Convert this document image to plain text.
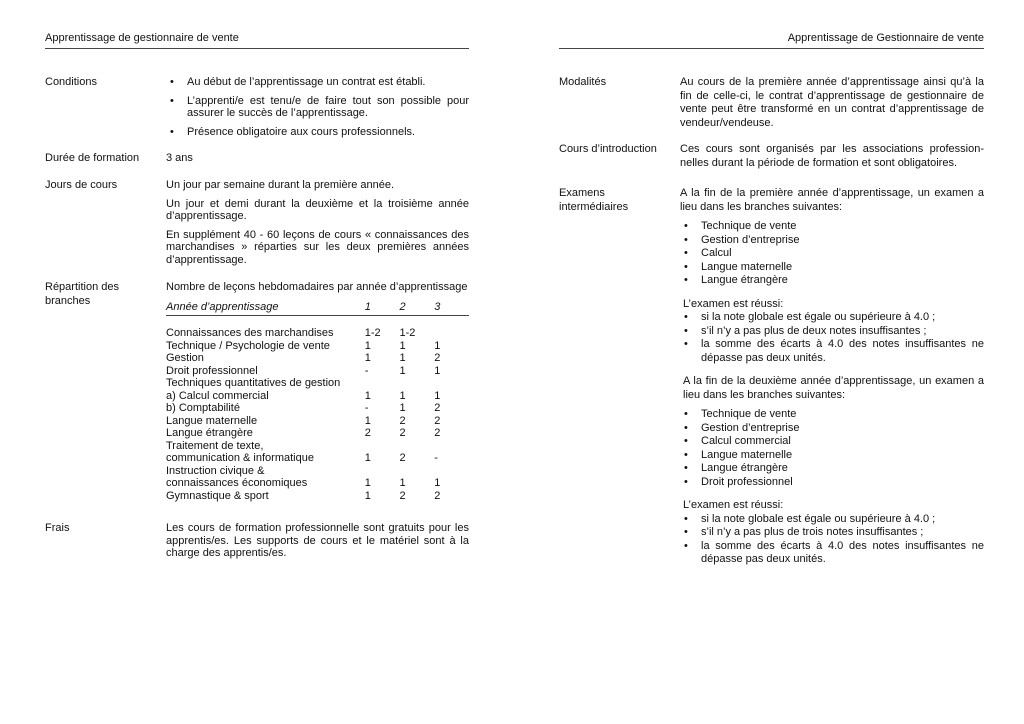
Apprentissage de gestionnaire de vente
Conditions
•	Au début de l’apprentissage un contrat est établi.
• L’apprenti/e est tenu/e de faire tout son possible pour assurer le succès de l’apprentissage.
• Présence obligatoire aux cours professionnels.
Durée de formation	3 ans
Jours de cours	Un jour par semaine durant la première année.

Un jour et demi durant la deuxième et la troisième année d’apprentissage.

En supplément 40 - 60 leçons de cours « connaissances des marchandises » réparties sur les deux premières années d’apprentissage.

Répartition des branches
Nombre de leçons hebdomadaires par année d’apprentissage
Année d’apprentissage	1	2	3
Connaissances des marchandises	1-2	1-2
Technique / Psychologie de vente	1	1	1
Gestion	1	1	2
Droit professionnel	-	1	1
Techniques quantitatives de gestion
a) Calcul commercial	1	1	1
b) Comptabilité	-	1	2
Langue maternelle	1	2	2
Langue étrangère	2	2	2
Traitement de texte,
communication & informatique	1	2	-
Instruction civique &
connaissances économiques	1	1	1
Gymnastique & sport	1	2	2
Frais	Les cours de formation professionnelle sont gratuits pour les apprentis/es. Les supports de cours et le matériel sont à la charge des apprentis/es.
Apprentissage de Gestionnaire de vente
Modalités	Au cours de la première année d’apprentissage ainsi qu’à la fin de celle-ci, le contrat d’apprentissage de gestionnaire de vente peut être transformé en un contrat d’apprentissage de vendeur/vendeuse.
Cours d’introduction	Ces cours sont organisés par les associations profession-nelles durant la période de formation et sont obligatoires.
Examens intermédiaires
A la fin de la première année d’apprentissage, un examen a lieu dans les branches suivantes:
• Technique de vente
• Gestion d’entreprise
• Calcul
• Langue maternelle
• Langue étrangère
L’examen est réussi:
• si la note globale est égale ou supérieure à 4.0 ;
• s’il n’y a pas plus de deux notes insuffisantes ;
• la somme des écarts à 4.0 des notes insuffisantes ne dépasse pas deux unités.
A la fin de la deuxième année d’apprentissage, un examen a lieu dans les branches suivantes:
• Technique de vente
• Gestion d’entreprise
• Calcul commercial
• Langue maternelle
• Langue étrangère
• Droit professionnel
L’examen est réussi:
• si la note globale est égale ou supérieure à 4.0 ;
• s’il n’y a pas plus de trois notes insuffisantes ;
• la somme des écarts à 4.0 des notes insuffisantes ne dépasse pas deux unités.
